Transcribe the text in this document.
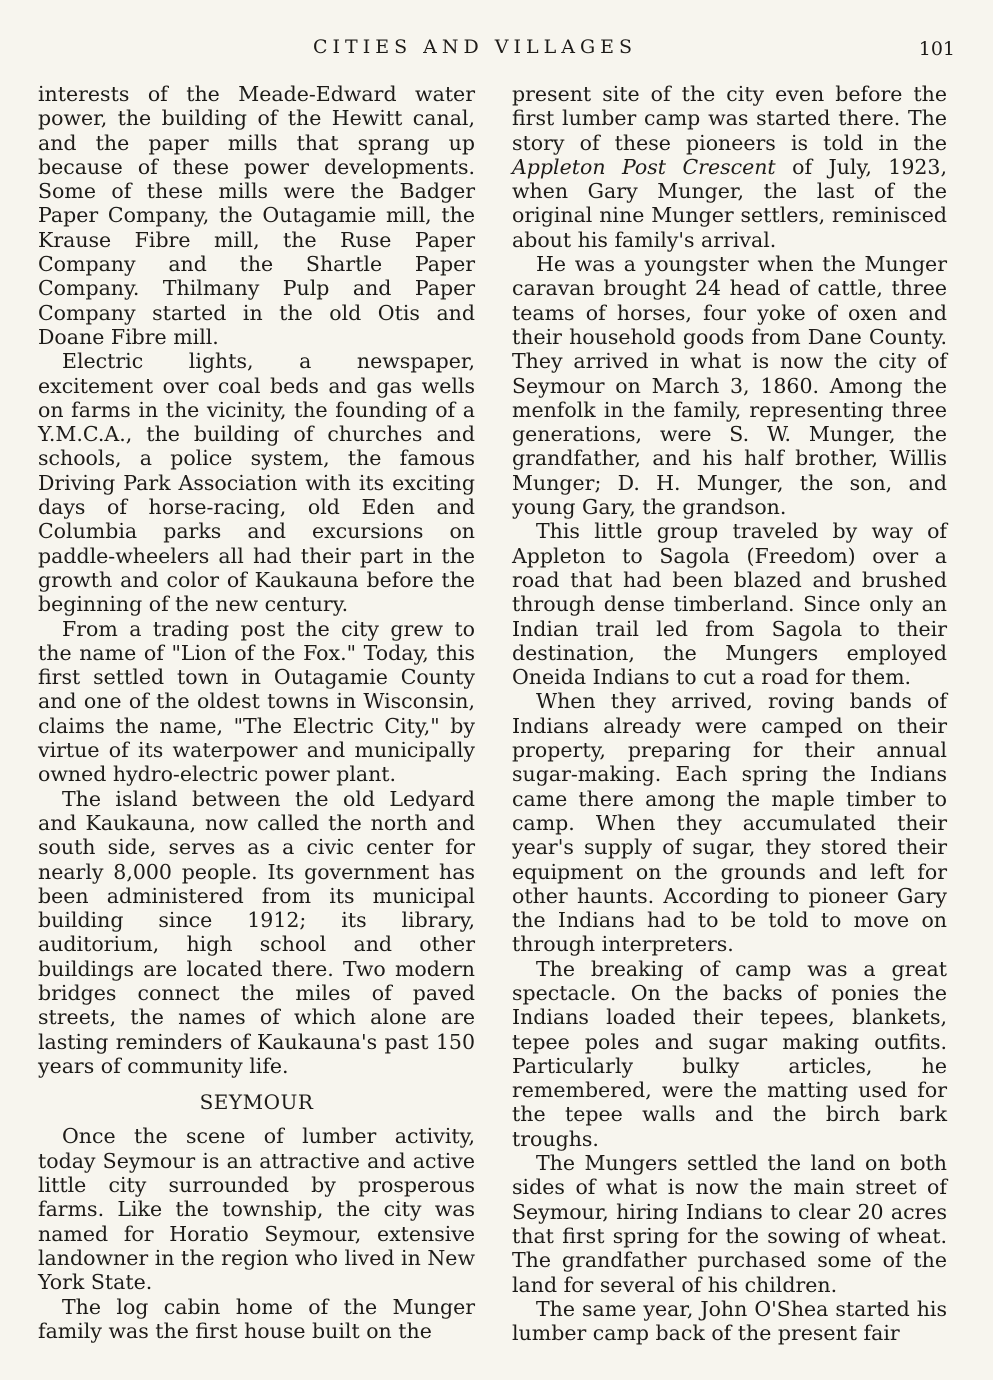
CITIES AND VILLAGES	101

interests of the Meade-Edward water power, the building of the Hewitt canal, and the paper mills that sprang up because of these power developments. Some of these mills were the Badger Paper Company, the Outagamie mill, the Krause Fibre mill, the Ruse Paper Company and the Shartle Paper Company. Thilmany Pulp and Paper Company started in the old Otis and Doane Fibre mill.

Electric lights, a newspaper, excitement over coal beds and gas wells on farms in the vicinity, the founding of a Y.M.C.A., the building of churches and schools, a police system, the famous Driving Park Association with its exciting days of horse-racing, old Eden and Columbia parks and excursions on paddle-wheelers all had their part in the growth and color of Kaukauna before the beginning of the new century.

From a trading post the city grew to the name of "Lion of the Fox." Today, this first settled town in Outagamie County and one of the oldest towns in Wisconsin, claims the name, "The Electric City," by virtue of its waterpower and municipally owned hydro-electric power plant.

The island between the old Ledyard and Kaukauna, now called the north and south side, serves as a civic center for nearly 8,000 people. Its government has been administered from its municipal building since 1912; its library, auditorium, high school and other buildings are located there. Two modern bridges connect the miles of paved streets, the names of which alone are lasting reminders of Kaukauna's past 150 years of community life.

SEYMOUR

Once the scene of lumber activity, today Seymour is an attractive and active little city surrounded by prosperous farms. Like the township, the city was named for Horatio Seymour, extensive landowner in the region who lived in New York State.

The log cabin home of the Munger family was the first house built on the

present site of the city even before the first lumber camp was started there. The story of these pioneers is told in the Appleton Post Crescent of July, 1923, when Gary Munger, the last of the original nine Munger settlers, reminisced about his family's arrival.

He was a youngster when the Munger caravan brought 24 head of cattle, three teams of horses, four yoke of oxen and their household goods from Dane County. They arrived in what is now the city of Seymour on March 3, 1860. Among the menfolk in the family, representing three generations, were S. W. Munger, the grandfather, and his half brother, Willis Munger; D. H. Munger, the son, and young Gary, the grandson.

This little group traveled by way of Appleton to Sagola (Freedom) over a road that had been blazed and brushed through dense timberland. Since only an Indian trail led from Sagola to their destination, the Mungers employed Oneida Indians to cut a road for them.

When they arrived, roving bands of Indians already were camped on their property, preparing for their annual sugar-making. Each spring the Indians came there among the maple timber to camp. When they accumulated their year's supply of sugar, they stored their equipment on the grounds and left for other haunts. According to pioneer Gary the Indians had to be told to move on through interpreters.

The breaking of camp was a great spectacle. On the backs of ponies the Indians loaded their tepees, blankets, tepee poles and sugar making outfits. Particularly bulky articles, he remembered, were the matting used for the tepee walls and the birch bark troughs.

The Mungers settled the land on both sides of what is now the main street of Seymour, hiring Indians to clear 20 acres that first spring for the sowing of wheat. The grandfather purchased some of the land for several of his children.

The same year, John O'Shea started his lumber camp back of the present fair
